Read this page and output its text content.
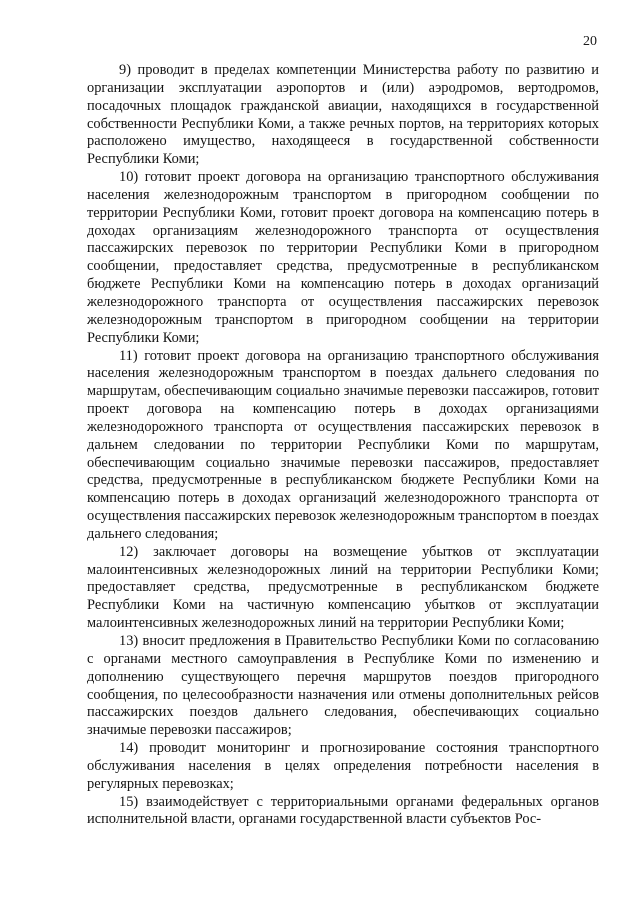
20

9) проводит в пределах компетенции Министерства работу по развитию и организации эксплуатации аэропортов и (или) аэродромов, вертодромов, посадочных площадок гражданской авиации, находящихся в государственной собственности Республики Коми, а также речных портов, на территориях которых расположено имущество, находящееся в государственной собственности Республики Коми;

10) готовит проект договора на организацию транспортного обслуживания населения железнодорожным транспортом в пригородном сообщении по территории Республики Коми, готовит проект договора на компенсацию потерь в доходах организациям железнодорожного транспорта от осуществления пассажирских перевозок по территории Республики Коми в пригородном сообщении, предоставляет средства, предусмотренные в республиканском бюджете Республики Коми на компенсацию потерь в доходах организаций железнодорожного транспорта от осуществления пассажирских перевозок железнодорожным транспортом в пригородном сообщении на территории Республики Коми;

11) готовит проект договора на организацию транспортного обслуживания населения железнодорожным транспортом в поездах дальнего следования по маршрутам, обеспечивающим социально значимые перевозки пассажиров, готовит проект договора на компенсацию потерь в доходах организациями железнодорожного транспорта от осуществления пассажирских перевозок в дальнем следовании по территории Республики Коми по маршрутам, обеспечивающим социально значимые перевозки пассажиров, предоставляет средства, предусмотренные в республиканском бюджете Республики Коми на компенсацию потерь в доходах организаций железнодорожного транспорта от осуществления пассажирских перевозок железнодорожным транспортом в поездах дальнего следования;

12) заключает договоры на возмещение убытков от эксплуатации малоинтенсивных железнодорожных линий на территории Республики Коми; предоставляет средства, предусмотренные в республиканском бюджете Республики Коми на частичную компенсацию убытков от эксплуатации малоинтенсивных железнодорожных линий на территории Республики Коми;

13) вносит предложения в Правительство Республики Коми по согласованию с органами местного самоуправления в Республике Коми по изменению и дополнению существующего перечня маршрутов поездов пригородного сообщения, по целесообразности назначения или отмены дополнительных рейсов пассажирских поездов дальнего следования, обеспечивающих социально значимые перевозки пассажиров;

14) проводит мониторинг и прогнозирование состояния транспортного обслуживания населения в целях определения потребности населения в регулярных перевозках;

15) взаимодействует с территориальными органами федеральных органов исполнительной власти, органами государственной власти субъектов Рос-
